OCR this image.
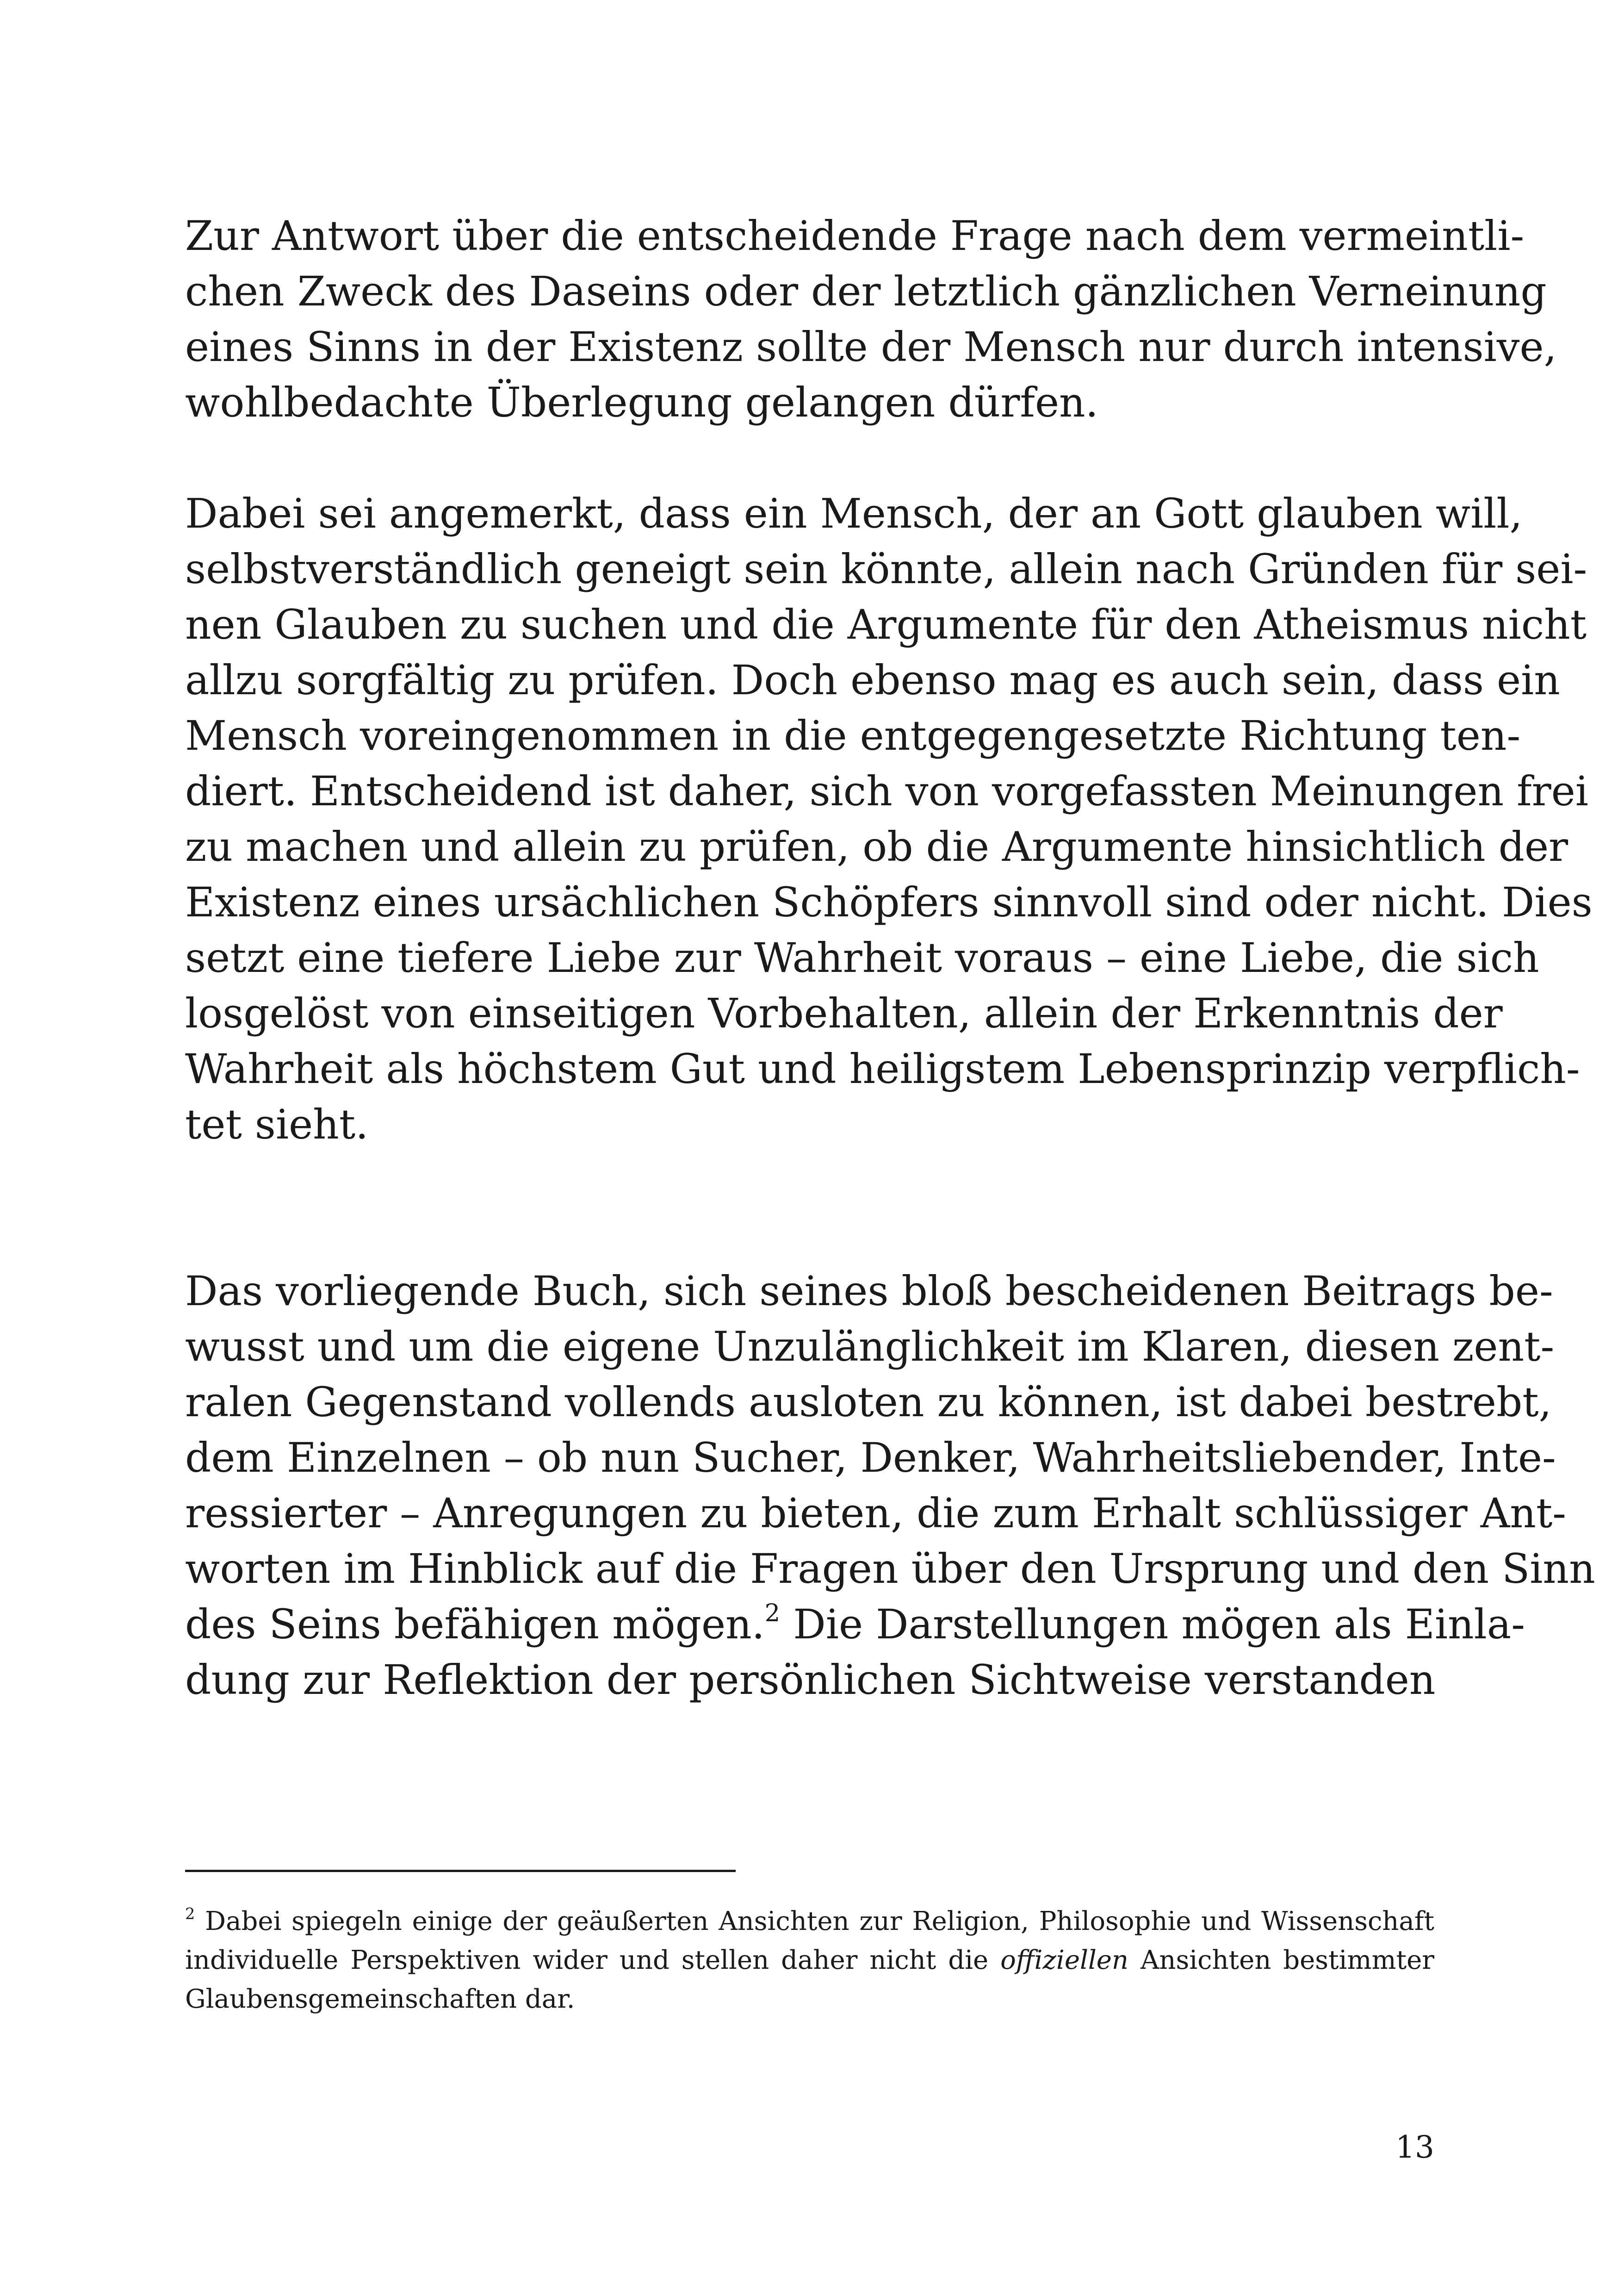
Zur Antwort über die entscheidende Frage nach dem vermeintli-
chen Zweck des Daseins oder der letztlich gänzlichen Verneinung
eines Sinns in der Existenz sollte der Mensch nur durch intensive,
wohlbedachte Überlegung gelangen dürfen.
Dabei sei angemerkt, dass ein Mensch, der an Gott glauben will,
selbstverständlich geneigt sein könnte, allein nach Gründen für sei-
nen Glauben zu suchen und die Argumente für den Atheismus nicht
allzu sorgfältig zu prüfen. Doch ebenso mag es auch sein, dass ein
Mensch voreingenommen in die entgegengesetzte Richtung ten-
diert. Entscheidend ist daher, sich von vorgefassten Meinungen frei
zu machen und allein zu prüfen, ob die Argumente hinsichtlich der
Existenz eines ursächlichen Schöpfers sinnvoll sind oder nicht. Dies
setzt eine tiefere Liebe zur Wahrheit voraus – eine Liebe, die sich
losgelöst von einseitigen Vorbehalten, allein der Erkenntnis der
Wahrheit als höchstem Gut und heiligstem Lebensprinzip verpflich-
tet sieht.
Das vorliegende Buch, sich seines bloß bescheidenen Beitrags be-
wusst und um die eigene Unzulänglichkeit im Klaren, diesen zent-
ralen Gegenstand vollends ausloten zu können, ist dabei bestrebt,
dem Einzelnen – ob nun Sucher, Denker, Wahrheitsliebender, Inte-
ressierter – Anregungen zu bieten, die zum Erhalt schlüssiger Ant-
worten im Hinblick auf die Fragen über den Ursprung und den Sinn
des Seins befähigen mögen.$^2$ Die Darstellungen mögen als Einla-
dung zur Reflektion der persönlichen Sichtweise verstanden
$^2$ Dabei spiegeln einige der geäußerten Ansichten zur Religion, Philosophie und Wissenschaft
individuelle Perspektiven wider und stellen daher nicht die offiziellen Ansichten bestimmter
Glaubensgemeinschaften dar.
13
